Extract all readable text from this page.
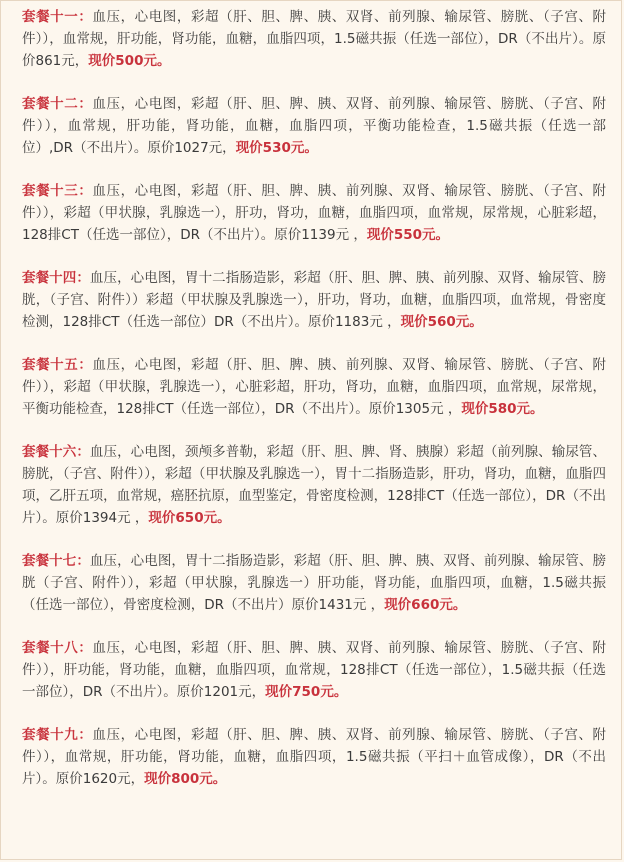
套餐十一：血压，心电图，彩超（肝、胆、脾、胰、双肾、前列腺、输尿管、膀胱、（子宫、附件）），血常规，肝功能，肾功能，血糖，血脂四项，1.5磁共振（任选一部位），DR（不出片）。原价861元，现价500元。

套餐十二：血压，心电图，彩超（肝、胆、脾、胰、双肾、前列腺、输尿管、膀胱、（子宫、附件）），血常规，肝功能，肾功能，血糖，血脂四项，平衡功能检查，1.5磁共振（任选一部位）,DR（不出片）。原价1027元，现价530元。

套餐十三：血压，心电图，彩超（肝、胆、脾、胰、前列腺、双肾、输尿管、膀胱、（子宫、附件）），彩超（甲状腺，乳腺选一），肝功，肾功，血糖，血脂四项，血常规，尿常规，心脏彩超，128排CT（任选一部位），DR（不出片）。原价1139元 ，现价550元。

套餐十四：血压，心电图，胃十二指肠造影，彩超（肝、胆、脾、胰、前列腺、双肾、输尿管、膀胱，（子宫、附件））彩超（甲状腺及乳腺选一），肝功，肾功，血糖，血脂四项，血常规，骨密度检测，128排CT（任选一部位）DR（不出片）。原价1183元 ，现价560元。

套餐十五：血压，心电图，彩超（肝、胆、脾、胰、前列腺、双肾、输尿管、膀胱、（子宫、附件）），彩超（甲状腺，乳腺选一），心脏彩超，肝功，肾功，血糖，血脂四项，血常规，尿常规，平衡功能检查，128排CT（任选一部位），DR（不出片）。原价1305元 ，现价580元。

套餐十六：血压，心电图，颈颅多普勒，彩超（肝、胆、脾、肾、胰腺）彩超（前列腺、输尿管、膀胱，（子宫、附件）），彩超（甲状腺及乳腺选一），胃十二指肠造影，肝功，肾功，血糖，血脂四项，乙肝五项，血常规，癌胚抗原，血型鉴定，骨密度检测，128排CT（任选一部位），DR（不出片）。原价1394元 ，现价650元。

套餐十七：血压，心电图，胃十二指肠造影，彩超（肝、胆、脾、胰、双肾、前列腺、输尿管、膀胱（子宫、附件）），彩超（甲状腺，乳腺选一）肝功能，肾功能，血脂四项，血糖，1.5磁共振（任选一部位），骨密度检测，DR（不出片）原价1431元 ，现价660元。

套餐十八：血压，心电图，彩超（肝、胆、脾、胰、双肾、前列腺、输尿管、膀胱、（子宫、附件）），肝功能，肾功能，血糖，血脂四项，血常规，128排CT（任选一部位），1.5磁共振（任选一部位），DR（不出片）。原价1201元，现价750元。

套餐十九：血压，心电图，彩超（肝、胆、脾、胰、双肾、前列腺、输尿管、膀胱、（子宫、附件）），血常规，肝功能，肾功能，血糖，血脂四项，1.5磁共振（平扫＋血管成像），DR（不出片）。原价1620元，现价800元。
